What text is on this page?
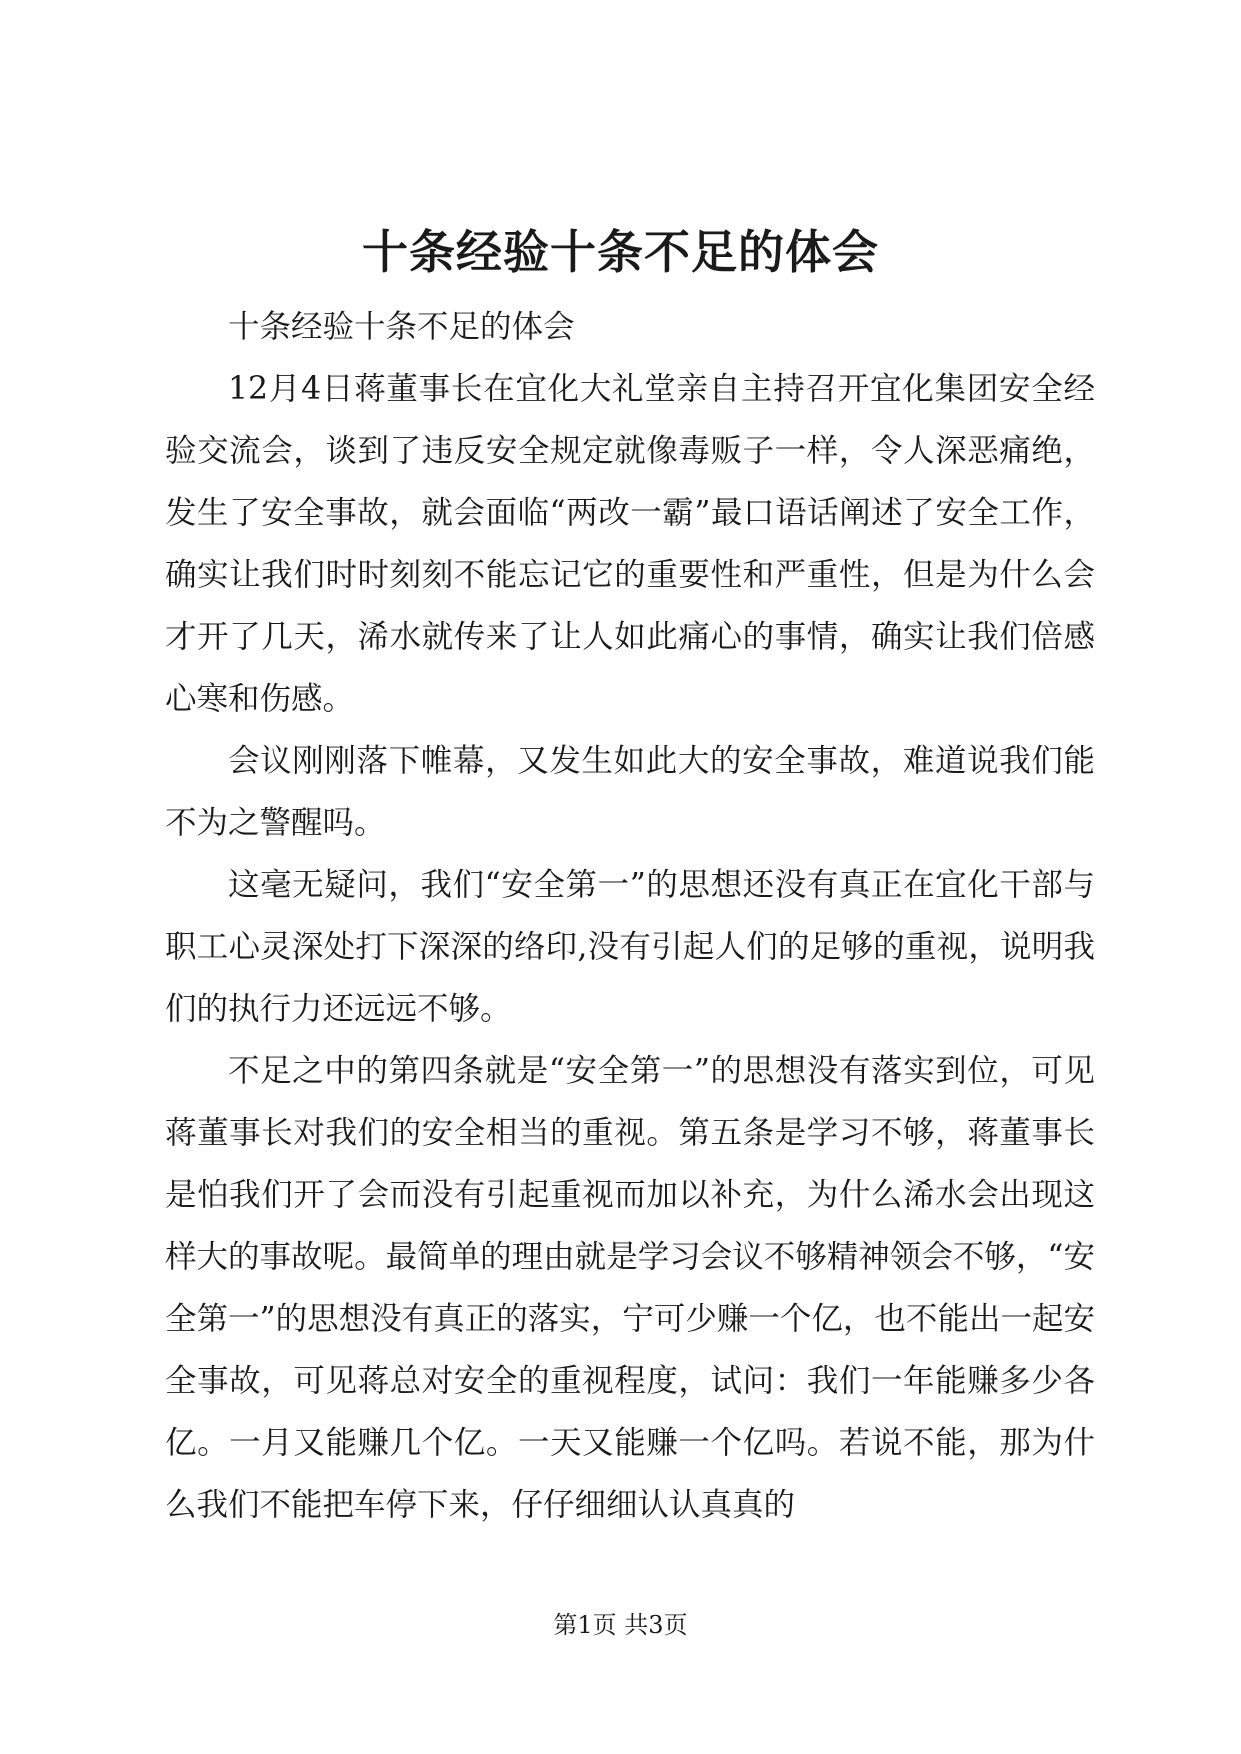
十条经验十条不足的体会

十条经验十条不足的体会

12月4日蒋董事长在宜化大礼堂亲自主持召开宜化集团安全经验交流会，谈到了违反安全规定就像毒贩子一样，令人深恶痛绝，发生了安全事故，就会面临“两改一霸”最口语话阐述了安全工作，确实让我们时时刻刻不能忘记它的重要性和严重性，但是为什么会才开了几天，浠水就传来了让人如此痛心的事情，确实让我们倍感心寒和伤感。

会议刚刚落下帷幕，又发生如此大的安全事故，难道说我们能不为之警醒吗。

这毫无疑问，我们“安全第一”的思想还没有真正在宜化干部与职工心灵深处打下深深的络印,没有引起人们的足够的重视，说明我们的执行力还远远不够。

不足之中的第四条就是“安全第一”的思想没有落实到位，可见蒋董事长对我们的安全相当的重视。第五条是学习不够，蒋董事长是怕我们开了会而没有引起重视而加以补充，为什么浠水会出现这样大的事故呢。最简单的理由就是学习会议不够精神领会不够，“安全第一”的思想没有真正的落实，宁可少赚一个亿，也不能出一起安全事故，可见蒋总对安全的重视程度，试问：我们一年能赚多少各亿。一月又能赚几个亿。一天又能赚一个亿吗。若说不能，那为什么我们不能把车停下来，仔仔细细认认真真的

第1页 共3页
